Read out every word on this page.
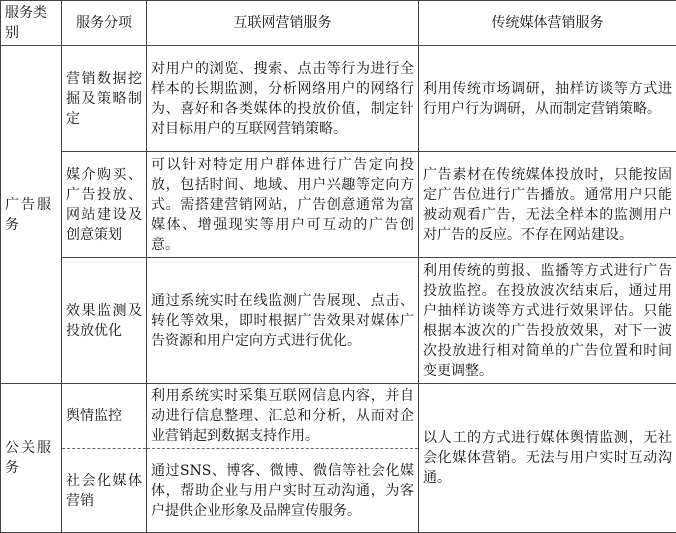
服务类别	服务分项	互联网营销服务	传统媒体营销服务
广告服务	营销数据挖掘及策略制定	对用户的浏览、搜索、点击等行为进行全样本的长期监测，分析网络用户的网络行为、喜好和各类媒体的投放价值，制定针对目标用户的互联网营销策略。	利用传统市场调研，抽样访谈等方式进行用户行为调研，从而制定营销策略。
	媒介购买、广告投放、网站建设及创意策划	可以针对特定用户群体进行广告定向投放，包括时间、地域、用户兴趣等定向方式。需搭建营销网站，广告创意通常为富媒体、增强现实等用户可互动的广告创意。	广告素材在传统媒体投放时，只能按固定广告位进行广告播放。通常用户只能被动观看广告，无法全样本的监测用户对广告的反应。不存在网站建设。
	效果监测及投放优化	通过系统实时在线监测广告展现、点击、转化等效果，即时根据广告效果对媒体广告资源和用户定向方式进行优化。	利用传统的剪报、监播等方式进行广告投放监控。在投放波次结束后，通过用户抽样访谈等方式进行效果评估。只能根据本波次的广告投放效果，对下一波次投放进行相对简单的广告位置和时间变更调整。
公关服务	舆情监控	利用系统实时采集互联网信息内容，并自动进行信息整理、汇总和分析，从而对企业营销起到数据支持作用。	以人工的方式进行媒体舆情监测，无社会化媒体营销。无法与用户实时互动沟通。
	社会化媒体营销	通过SNS、博客、微博、微信等社会化媒体，帮助企业与用户实时互动沟通，为客户提供企业形象及品牌宣传服务。	
